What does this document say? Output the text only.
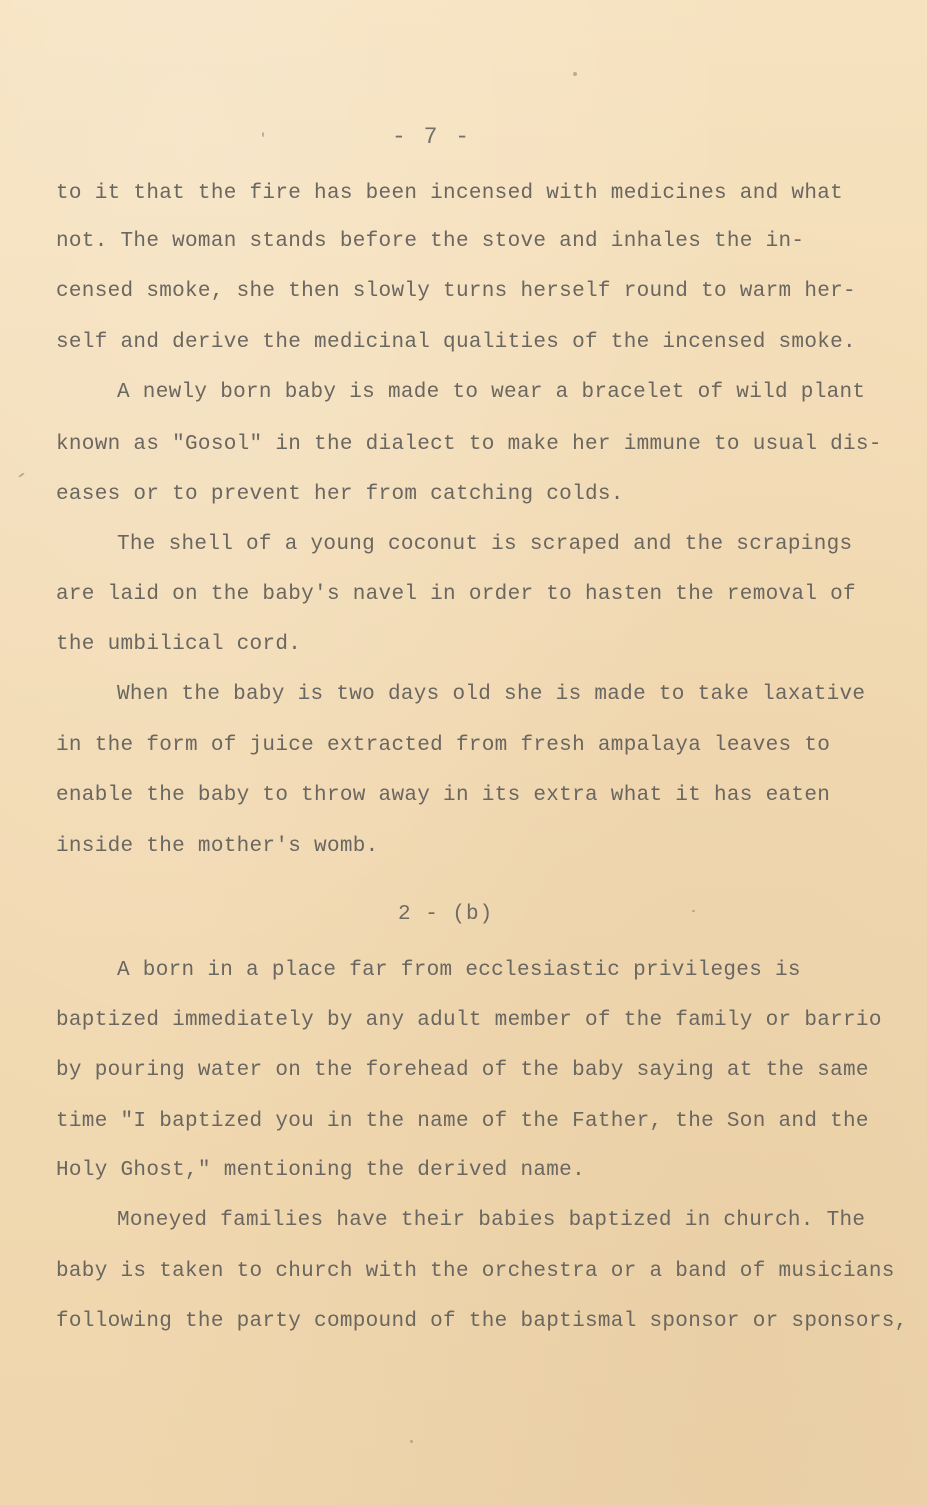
- 7 -
to it that the fire has been incensed with medicines and what
not. The woman stands before the stove and inhales the in-
censed smoke, she then slowly turns herself round to warm her-
self and derive the medicinal qualities of the incensed smoke.
A newly born baby is made to wear a bracelet of wild plant
known as "Gosol" in the dialect to make her immune to usual dis-
eases or to prevent her from catching colds.
The shell of a young coconut is scraped and the scrapings
are laid on the baby's navel in order to hasten the removal of
the umbilical cord.
When the baby is two days old she is made to take laxative
in the form of juice extracted from fresh ampalaya leaves to
enable the baby to throw away in its extra what it has eaten
inside the mother's womb.
2 - (b)
A born in a place far from ecclesiastic privileges is
baptized immediately by any adult member of the family or barrio
by pouring water on the forehead of the baby saying at the same
time "I baptized you in the name of the Father, the Son and the
Holy Ghost," mentioning the derived name.
Moneyed families have their babies baptized in church. The
baby is taken to church with the orchestra or a band of musicians
following the party compound of the baptismal sponsor or sponsors,
